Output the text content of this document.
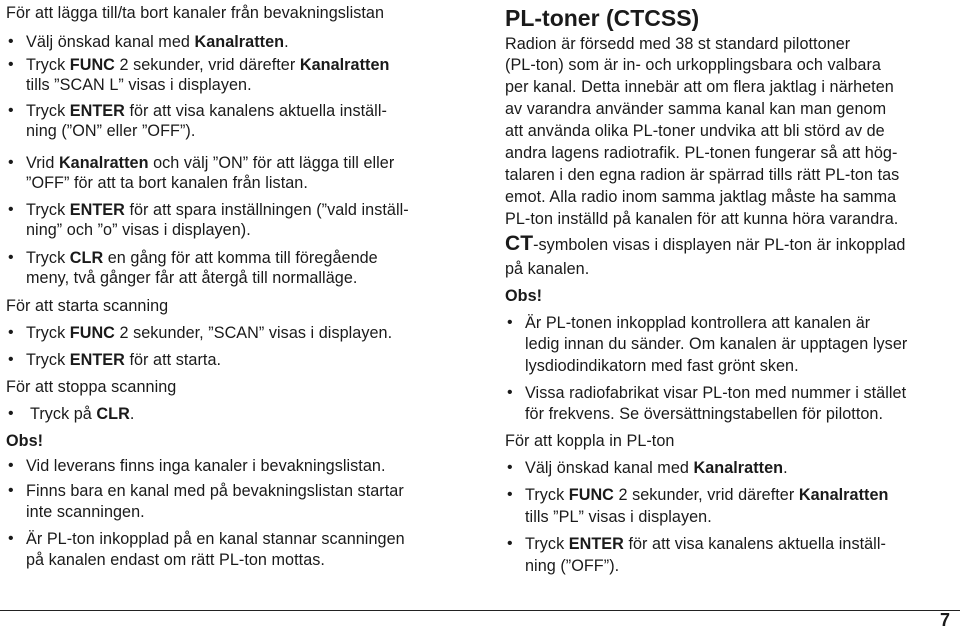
För att lägga till/ta bort kanaler från bevakningslistan
• Välj önskad kanal med Kanalratten.
• Tryck FUNC 2 sekunder, vrid därefter Kanalratten
tills ”SCAN L” visas i displayen.
• Tryck ENTER för att visa kanalens aktuella inställ-
ning (”ON” eller ”OFF”).
• Vrid Kanalratten och välj ”ON” för att lägga till eller
”OFF” för att ta bort kanalen från listan.
• Tryck ENTER för att spara inställningen (”vald inställ-
ning” och ”o” visas i displayen).
• Tryck CLR en gång för att komma till föregående
meny, två gånger får att återgå till normalläge.
För att starta scanning
• Tryck FUNC 2 sekunder, ”SCAN” visas i displayen.
• Tryck ENTER för att starta.
För att stoppa scanning
• Tryck på CLR.
Obs!
• Vid leverans finns inga kanaler i bevakningslistan.
• Finns bara en kanal med på bevakningslistan startar
inte scanningen.
• Är PL-ton inkopplad på en kanal stannar scanningen
på kanalen endast om rätt PL-ton mottas.
PL-toner (CTCSS)
Radion är försedd med 38 st standard pilottoner
(PL-ton) som är in- och urkopplingsbara och valbara
per kanal. Detta innebär att om flera jaktlag i närheten
av varandra använder samma kanal kan man genom
att använda olika PL-toner undvika att bli störd av de
andra lagens radiotrafik. PL-tonen fungerar så att hög-
talaren i den egna radion är spärrad tills rätt PL-ton tas
emot. Alla radio inom samma jaktlag måste ha samma
PL-ton inställd på kanalen för att kunna höra varandra.
CT-symbolen visas i displayen när PL-ton är inkopplad
på kanalen.
Obs!
• Är PL-tonen inkopplad kontrollera att kanalen är
ledig innan du sänder. Om kanalen är upptagen lyser
lysdiodindikatorn med fast grönt sken.
• Vissa radiofabrikat visar PL-ton med nummer i stället
för frekvens. Se översättningstabellen för pilotton.
För att koppla in PL-ton
• Välj önskad kanal med Kanalratten.
• Tryck FUNC 2 sekunder, vrid därefter Kanalratten
tills ”PL” visas i displayen.
• Tryck ENTER för att visa kanalens aktuella inställ-
ning (”OFF”).
7
